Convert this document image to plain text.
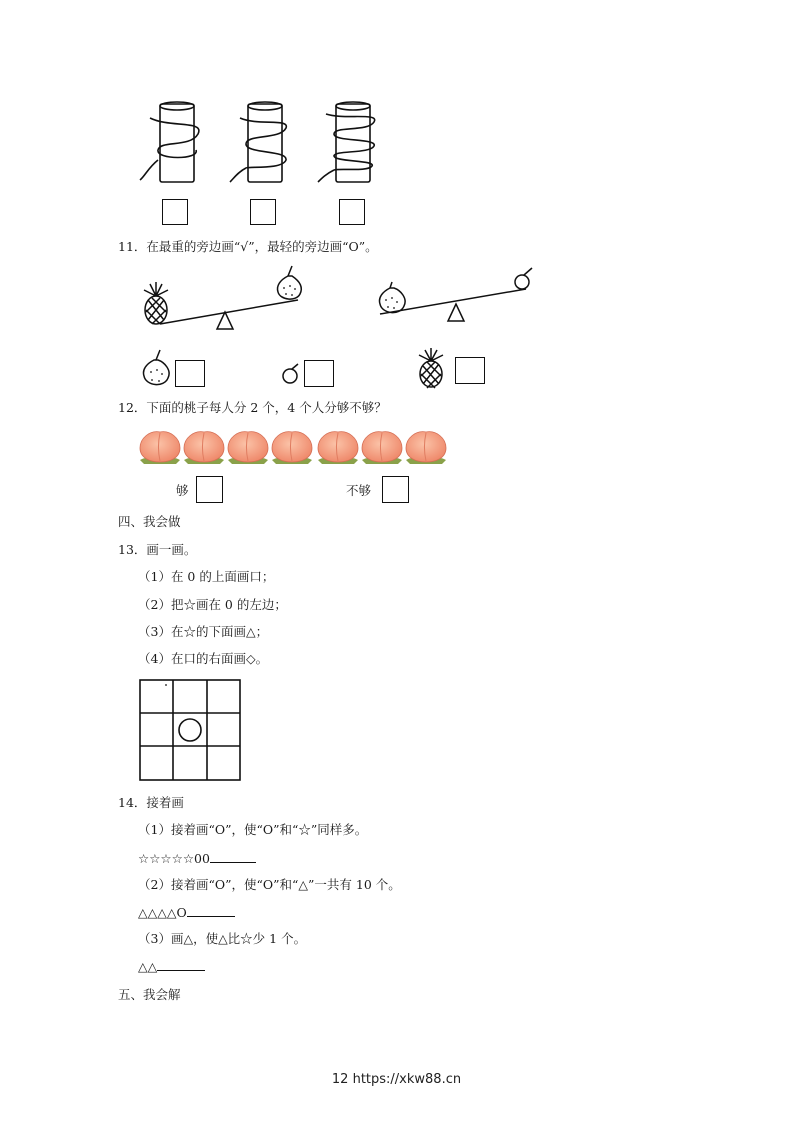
11．在最重的旁边画“√”，最轻的旁边画“O”。
12．下面的桃子每人分 2 个，4 个人分够不够？
够	不够
四、我会做
13．画一画。
（1）在 0 的上面画口；
（2）把☆画在 0 的左边；
（3）在☆的下面画△；
（4）在口的右面画◇。
14．接着画
（1）接着画“O”，使“O”和“☆”同样多。
☆☆☆☆☆00
（2）接着画“O”，使“O”和“△”一共有 10 个。
△△△△O
（3）画△，使△比☆少 1 个。
△△
五、我会解
12 https://xkw88.cn
